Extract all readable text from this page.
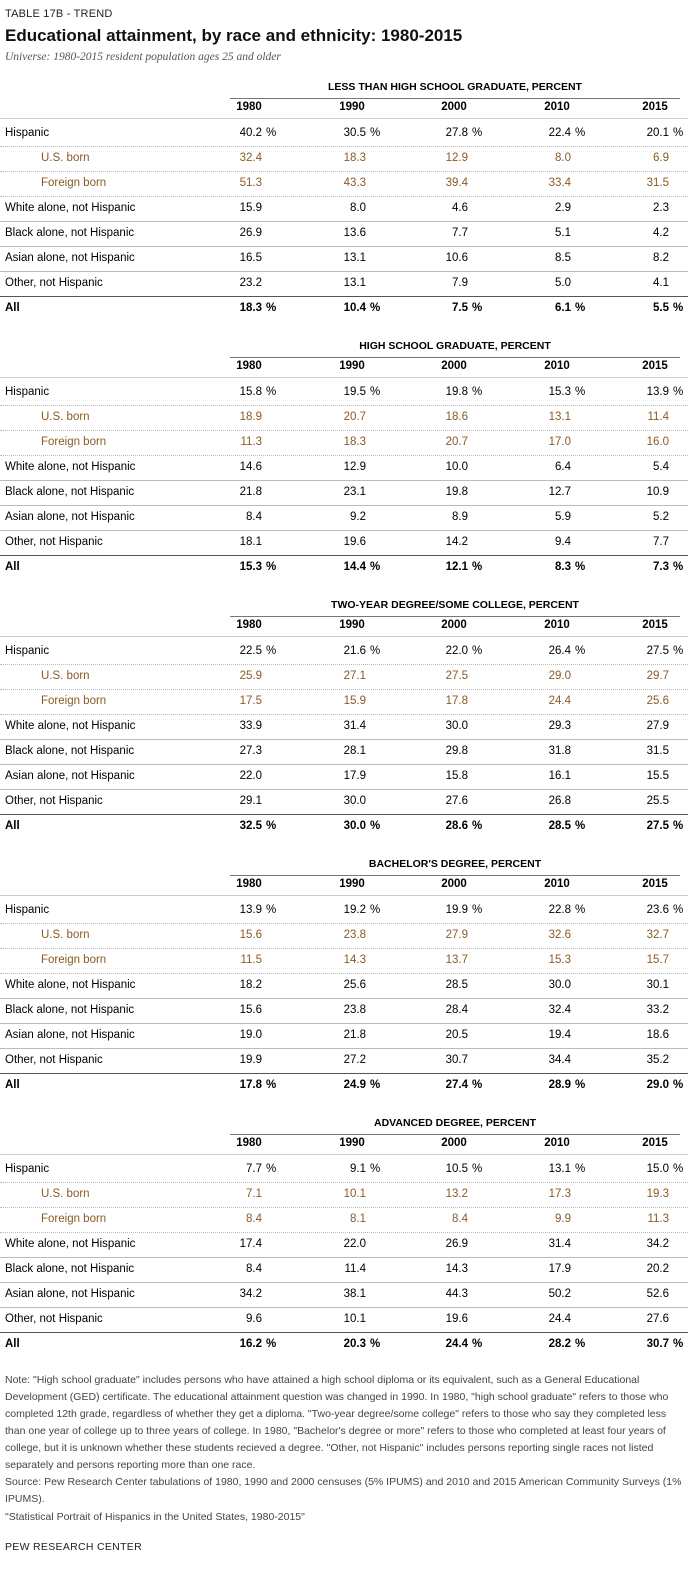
TABLE 17B - TREND
Educational attainment, by race and ethnicity: 1980-2015
Universe: 1980-2015 resident population ages 25 and older
LESS THAN HIGH SCHOOL GRADUATE, PERCENT
1980	1990	2000	2010	2015
Hispanic	40.2 %	30.5 %	27.8 %	22.4 %	20.1 %
U.S. born	32.4	18.3	12.9	8.0	6.9
Foreign born	51.3	43.3	39.4	33.4	31.5
White alone, not Hispanic	15.9	8.0	4.6	2.9	2.3
Black alone, not Hispanic	26.9	13.6	7.7	5.1	4.2
Asian alone, not Hispanic	16.5	13.1	10.6	8.5	8.2
Other, not Hispanic	23.2	13.1	7.9	5.0	4.1
All	18.3 %	10.4 %	7.5 %	6.1 %	5.5 %
HIGH SCHOOL GRADUATE, PERCENT
1980	1990	2000	2010	2015
Hispanic	15.8 %	19.5 %	19.8 %	15.3 %	13.9 %
U.S. born	18.9	20.7	18.6	13.1	11.4
Foreign born	11.3	18.3	20.7	17.0	16.0
White alone, not Hispanic	14.6	12.9	10.0	6.4	5.4
Black alone, not Hispanic	21.8	23.1	19.8	12.7	10.9
Asian alone, not Hispanic	8.4	9.2	8.9	5.9	5.2
Other, not Hispanic	18.1	19.6	14.2	9.4	7.7
All	15.3 %	14.4 %	12.1 %	8.3 %	7.3 %
TWO-YEAR DEGREE/SOME COLLEGE, PERCENT
1980	1990	2000	2010	2015
Hispanic	22.5 %	21.6 %	22.0 %	26.4 %	27.5 %
U.S. born	25.9	27.1	27.5	29.0	29.7
Foreign born	17.5	15.9	17.8	24.4	25.6
White alone, not Hispanic	33.9	31.4	30.0	29.3	27.9
Black alone, not Hispanic	27.3	28.1	29.8	31.8	31.5
Asian alone, not Hispanic	22.0	17.9	15.8	16.1	15.5
Other, not Hispanic	29.1	30.0	27.6	26.8	25.5
All	32.5 %	30.0 %	28.6 %	28.5 %	27.5 %
BACHELOR'S DEGREE, PERCENT
1980	1990	2000	2010	2015
Hispanic	13.9 %	19.2 %	19.9 %	22.8 %	23.6 %
U.S. born	15.6	23.8	27.9	32.6	32.7
Foreign born	11.5	14.3	13.7	15.3	15.7
White alone, not Hispanic	18.2	25.6	28.5	30.0	30.1
Black alone, not Hispanic	15.6	23.8	28.4	32.4	33.2
Asian alone, not Hispanic	19.0	21.8	20.5	19.4	18.6
Other, not Hispanic	19.9	27.2	30.7	34.4	35.2
All	17.8 %	24.9 %	27.4 %	28.9 %	29.0 %
ADVANCED DEGREE, PERCENT
1980	1990	2000	2010	2015
Hispanic	7.7 %	9.1 %	10.5 %	13.1 %	15.0 %
U.S. born	7.1	10.1	13.2	17.3	19.3
Foreign born	8.4	8.1	8.4	9.9	11.3
White alone, not Hispanic	17.4	22.0	26.9	31.4	34.2
Black alone, not Hispanic	8.4	11.4	14.3	17.9	20.2
Asian alone, not Hispanic	34.2	38.1	44.3	50.2	52.6
Other, not Hispanic	9.6	10.1	19.6	24.4	27.6
All	16.2 %	20.3 %	24.4 %	28.2 %	30.7 %
Note: "High school graduate" includes persons who have attained a high school diploma or its equivalent, such as a General Educational Development (GED) certificate. The educational attainment question was changed in 1990. In 1980, "high school graduate" refers to those who completed 12th grade, regardless of whether they get a diploma. "Two-year degree/some college" refers to those who say they completed less than one year of college up to three years of college. In 1980, "Bachelor's degree or more" refers to those who completed at least four years of college, but it is unknown whether these students recieved a degree. "Other, not Hispanic" includes persons reporting single races not listed separately and persons reporting more than one race.
Source: Pew Research Center tabulations of 1980, 1990 and 2000 censuses (5% IPUMS) and 2010 and 2015 American Community Surveys (1% IPUMS).
"Statistical Portrait of Hispanics in the United States, 1980-2015"
PEW RESEARCH CENTER
